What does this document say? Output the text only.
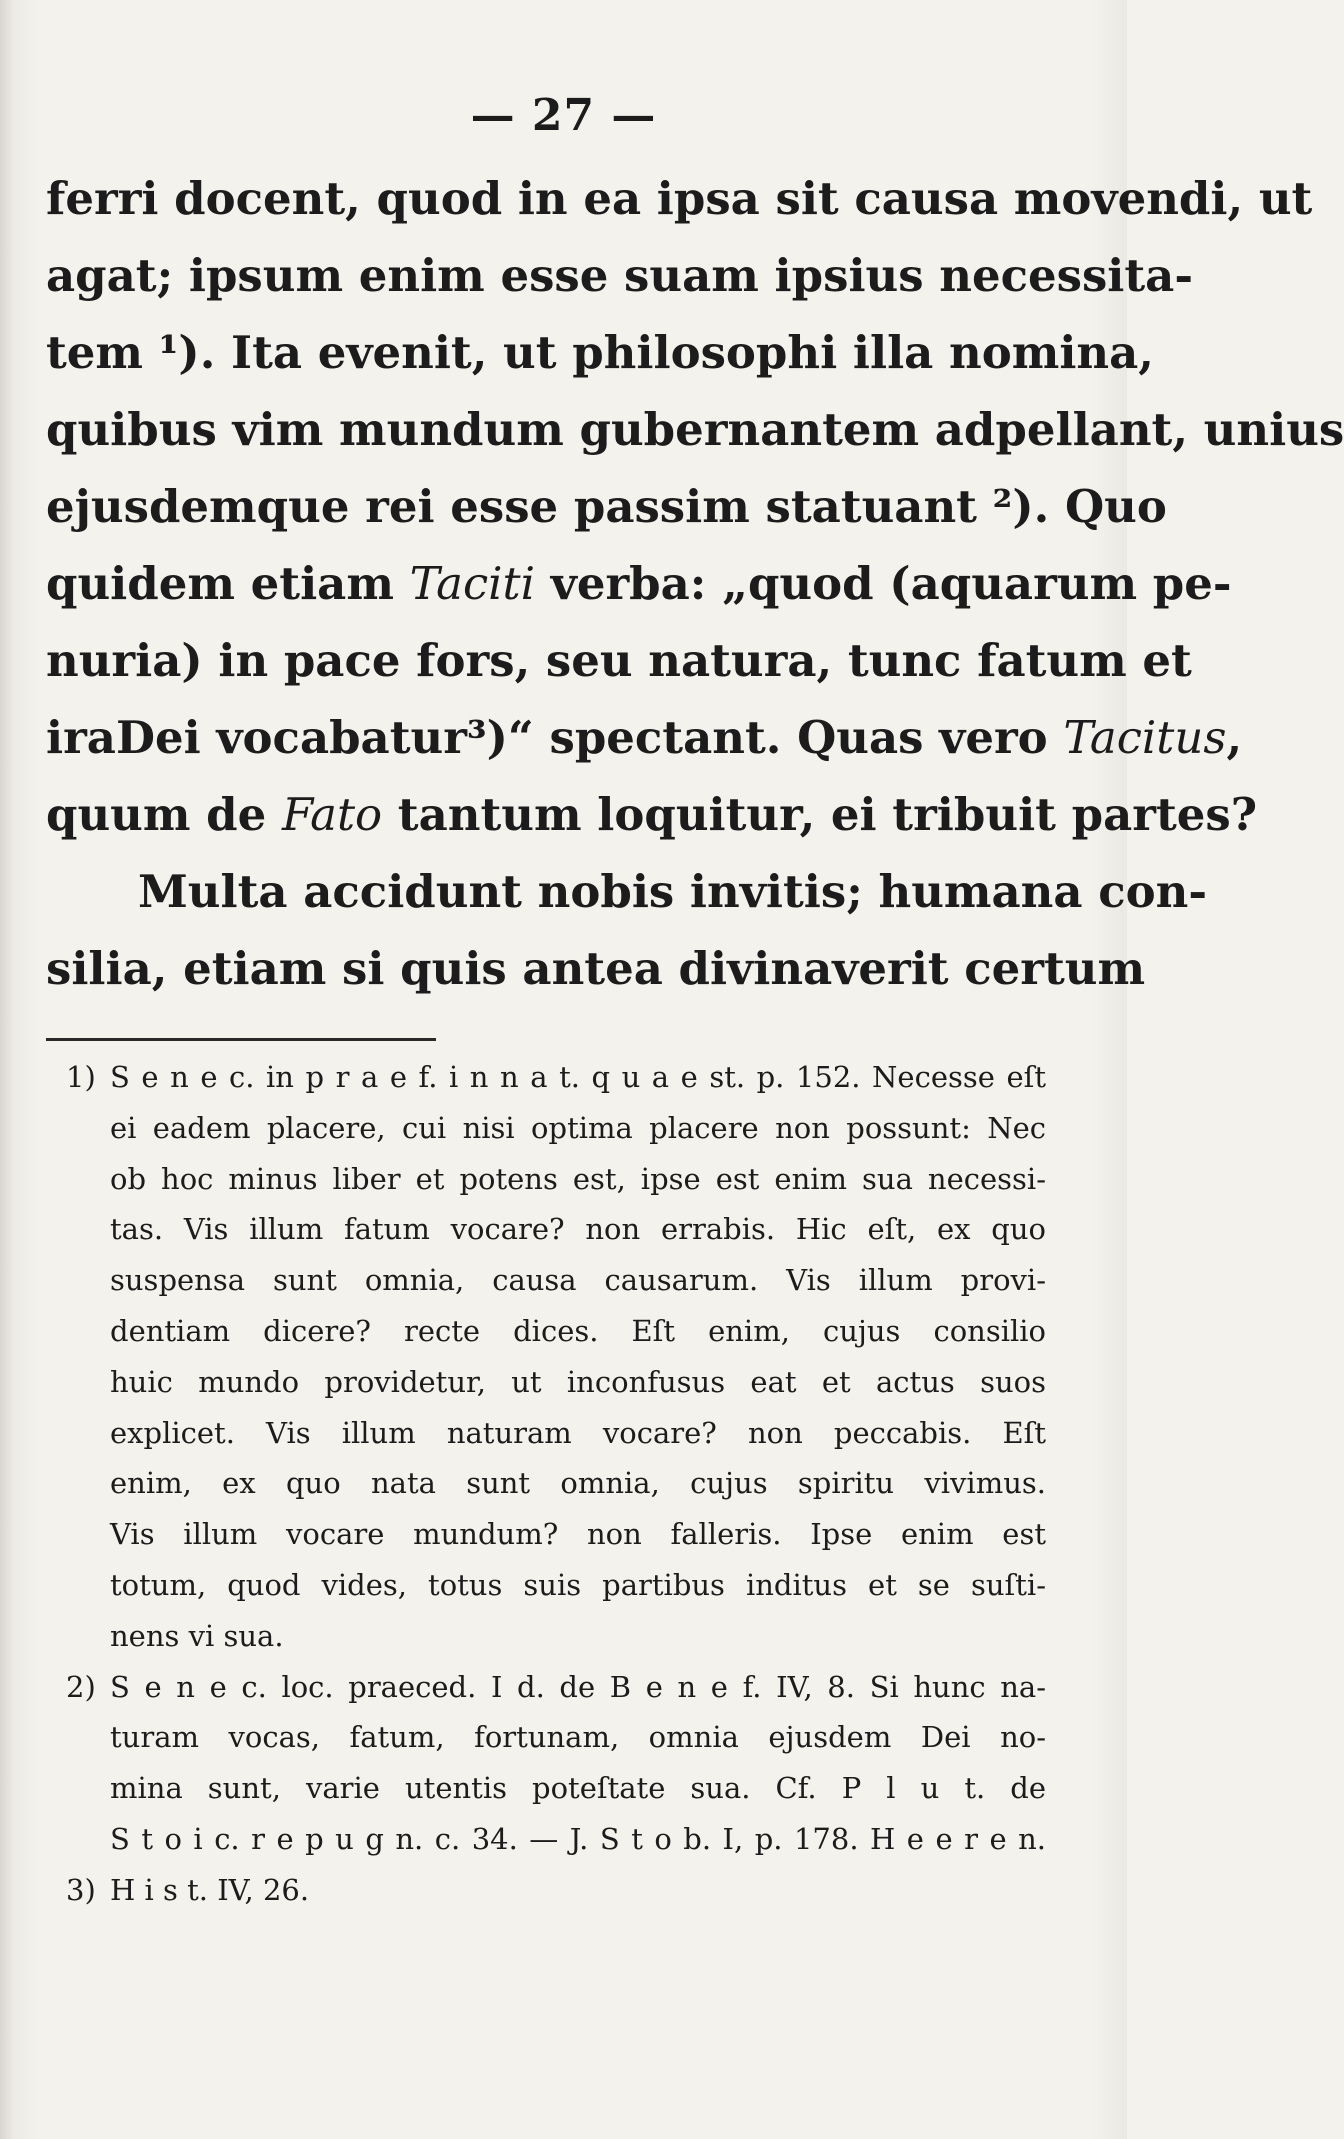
— 27 —
ferri docent, quod in ea ipsa sit causa movendi, ut
agat; ipsum enim esse suam ipsius necessita-
tem ¹). Ita evenit, ut philosophi illa nomina,
quibus vim mundum gubernantem adpellant, unius
ejusdemque rei esse passim statuant ²). Quo
quidem etiam Taciti verba: „quod (aquarum pe-
nuria) in pace fors, seu natura, tunc fatum et
iraDei vocabatur³)“ spectant. Quas vero Tacitus,
quum de Fato tantum loquitur, ei tribuit partes?
Multa accidunt nobis invitis; humana con-
silia, etiam si quis antea divinaverit certum
1) S e n e c. in p r a e f. i n n a t. q u a e st. p. 152. Necesse eſt
ei eadem placere, cui nisi optima placere non possunt: Nec
ob hoc minus liber et potens est, ipse est enim sua necessi-
tas. Vis illum fatum vocare? non errabis. Hic eſt, ex quo
suspensa sunt omnia, causa causarum. Vis illum provi-
dentiam dicere? recte dices. Eſt enim, cujus consilio
huic mundo providetur, ut inconfusus eat et actus suos
explicet. Vis illum naturam vocare? non peccabis. Eſt
enim, ex quo nata sunt omnia, cujus spiritu vivimus.
Vis illum vocare mundum? non falleris. Ipse enim est
totum, quod vides, totus suis partibus inditus et se suſti-
nens vi sua.
2) S e n e c. loc. praeced. I d. de B e n e f. IV, 8. Si hunc na-
turam vocas, fatum, fortunam, omnia ejusdem Dei no-
mina sunt, varie utentis poteſtate sua. Cf. P l u t. de
S t o i c. r e p u g n. c. 34. — J. S t o b. I, p. 178. H e e r e n.
3) H i s t. IV, 26.
